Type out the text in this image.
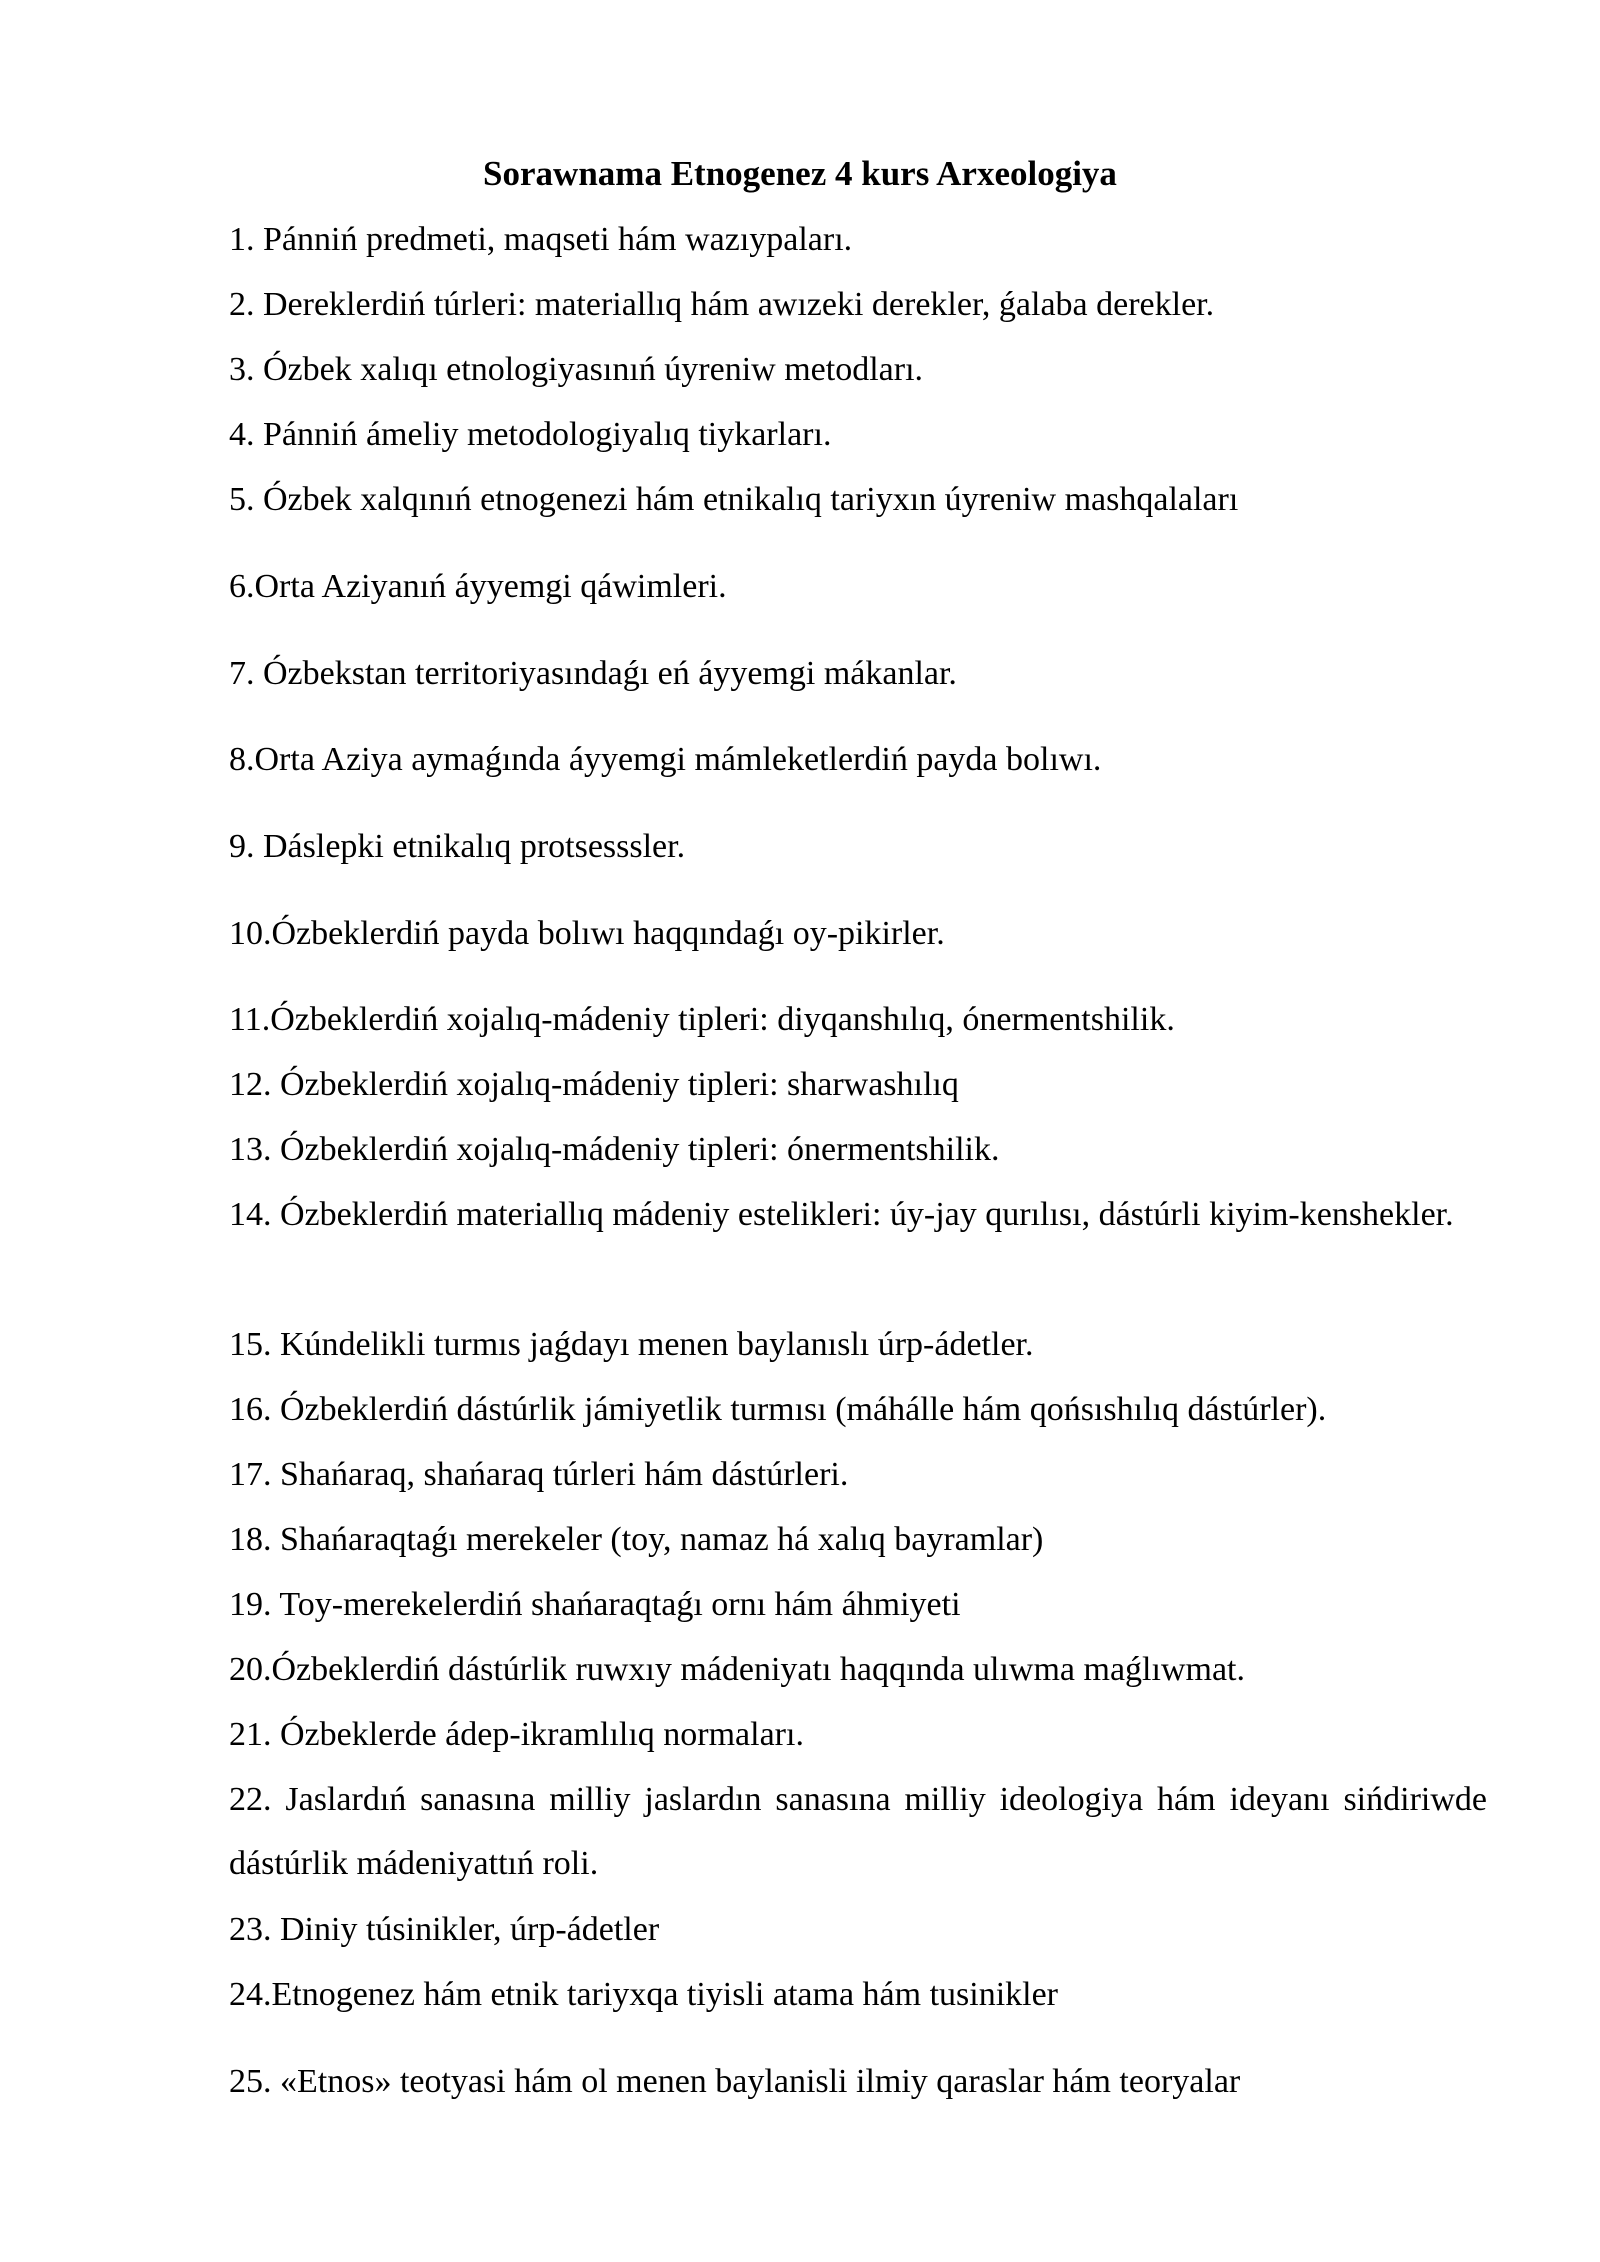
Sorawnama Etnogenez 4 kurs Arxeologiya

1. Pánniń predmeti, maqseti hám wazıypaları.

2. Dereklerdiń túrleri: materiallıq hám awızeki derekler, ǵalaba derekler.

3. Ózbek xalıqı etnologiyasınıń úyreniw metodları.

4. Pánniń ámeliy metodologiyalıq tiykarları.

5. Ózbek xalqınıń etnogenezi hám etnikalıq tariyxın úyreniw mashqalaları

6.Orta Aziyanıń áyyemgi qáwimleri.

7. Ózbekstan territoriyasındaǵı eń áyyemgi mákanlar.

8.Orta Aziya aymaǵında áyyemgi mámleketlerdiń payda bolıwı.

9. Dáslepki etnikalıq protsesssler.

10.Ózbeklerdiń payda bolıwı haqqındaǵı oy-pikirler.

11.Ózbeklerdiń xojalıq-mádeniy tipleri: diyqanshılıq, ónermentshilik.

12. Ózbeklerdiń xojalıq-mádeniy tipleri: sharwashılıq

13. Ózbeklerdiń xojalıq-mádeniy tipleri: ónermentshilik.

14. Ózbeklerdiń materiallıq mádeniy estelikleri: úy-jay qurılısı, dástúrli kiyim-kenshekler.

15. Kúndelikli turmıs jaǵdayı menen baylanıslı úrp-ádetler.

16. Ózbeklerdiń dástúrlik jámiyetlik turmısı (máhálle hám qońsıshılıq dástúrler).

17. Shańaraq, shańaraq túrleri hám dástúrleri.

18. Shańaraqtaǵı merekeler (toy, namaz há xalıq bayramlar)

19. Toy-merekelerdiń shańaraqtaǵı ornı hám áhmiyeti

20.Ózbeklerdiń dástúrlik ruwxıy mádeniyatı haqqında ulıwma maǵlıwmat.

21. Ózbeklerde ádep-ikramlılıq normaları.

22. Jaslardıń sanasına milliy jaslardın sanasına milliy ideologiya hám ideyanı sińdiriwde dástúrlik mádeniyattıń roli.

23. Diniy túsinikler, úrp-ádetler

24.Etnogenez hám etnik tariyxqa tiyisli atama hám tusinikler

25. «Etnos» teotyasi hám ol menen baylanisli ilmiy qaraslar hám teoryalar
